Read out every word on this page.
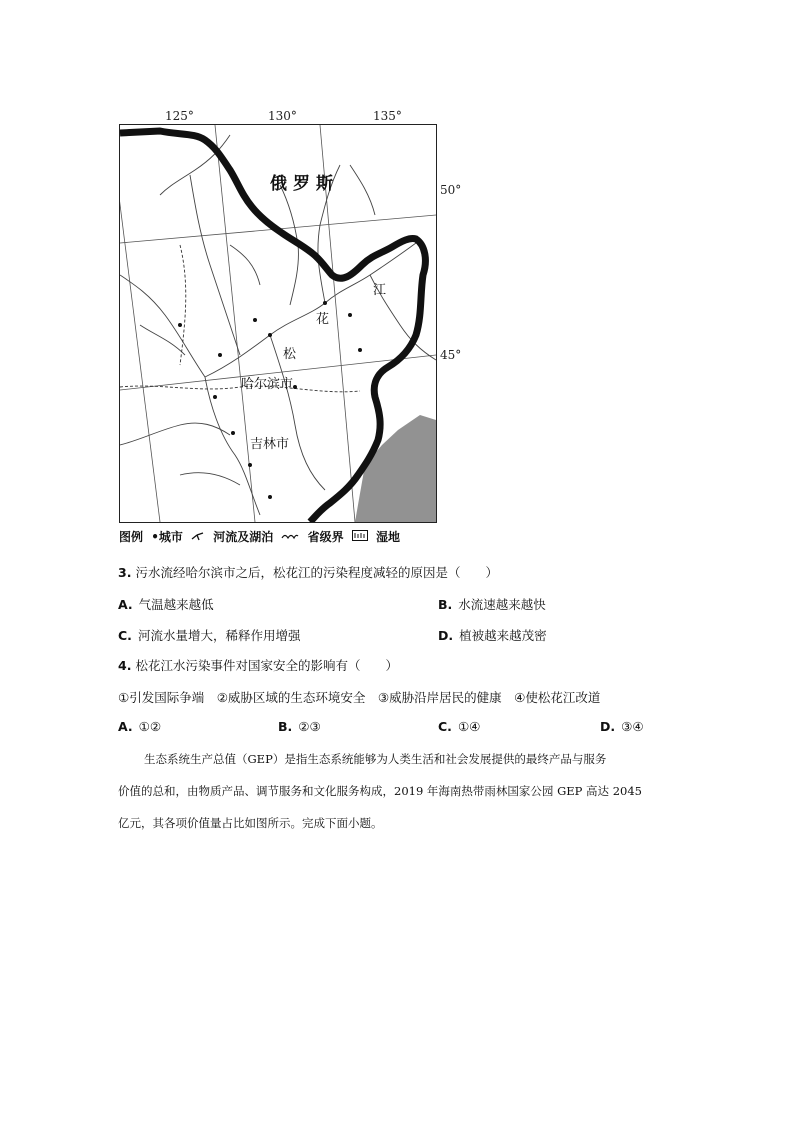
125°	130°	135°
俄罗斯
江
花
松
哈尔滨市
吉林市
50°
45°
图例 •城市	河流及湖泊	省级界	湿地
3. 污水流经哈尔滨市之后，松花江的污染程度减轻的原因是（　　）
A. 气温越来越低	B. 水流速越来越快
C. 河流水量增大，稀释作用增强	D. 植被越来越茂密
4. 松花江水污染事件对国家安全的影响有（　　）
①引发国际争端　②威胁区域的生态环境安全　③威胁沿岸居民的健康　④使松花江改道
A. ①②	B. ②③	C. ①④	D. ③④
生态系统生产总值（GEP）是指生态系统能够为人类生活和社会发展提供的最终产品与服务
价值的总和，由物质产品、调节服务和文化服务构成，2019 年海南热带雨林国家公园 GEP 高达 2045
亿元，其各项价值量占比如图所示。完成下面小题。
